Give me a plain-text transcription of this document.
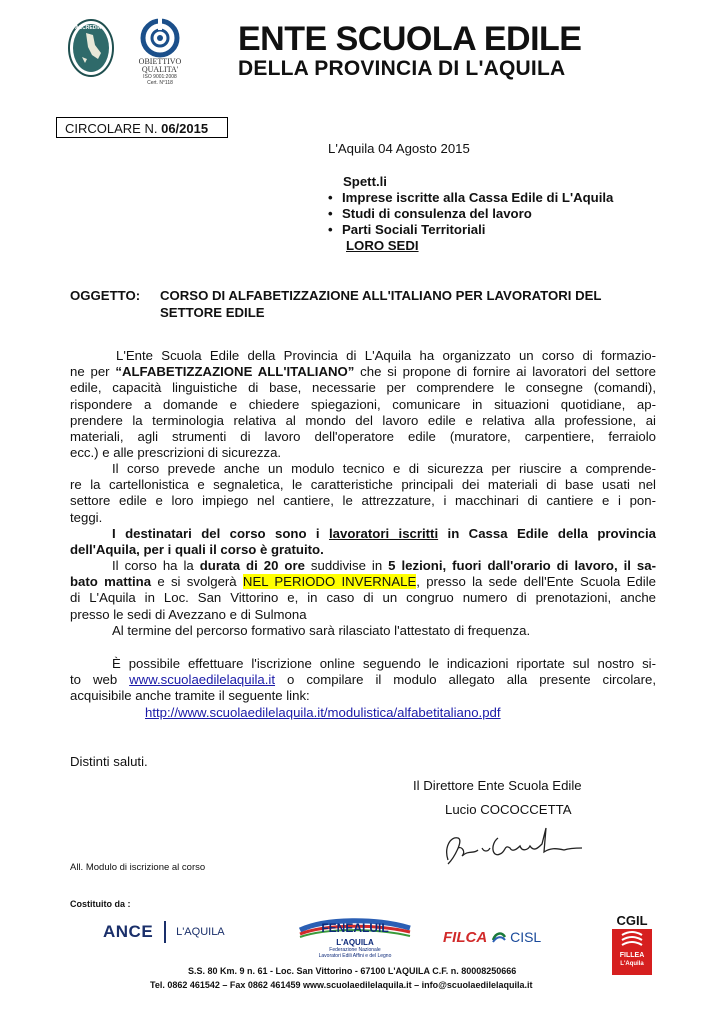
ACCREDIA
OBIETTIVO
QUALITA'
ISO 9001:2008
Cert. N°118
ENTE SCUOLA EDILE
DELLA PROVINCIA DI L'AQUILA
CIRCOLARE N. 06/2015
L'Aquila 04 Agosto 2015
Spett.li
• Imprese iscritte alla Cassa Edile di L'Aquila
• Studi di consulenza del lavoro
• Parti Sociali Territoriali
LORO SEDI
OGGETTO: CORSO DI ALFABETIZZAZIONE ALL'ITALIANO PER LAVORATORI DEL
SETTORE EDILE
L'Ente Scuola Edile della Provincia di L'Aquila ha organizzato un corso di formazio-
ne per “ALFABETIZZAZIONE ALL'ITALIANO” che si propone di fornire ai lavoratori del settore
edile, capacità linguistiche di base, necessarie per comprendere le consegne (comandi),
rispondere a domande e chiedere spiegazioni, comunicare in situazioni quotidiane, ap-
prendere la terminologia relativa al mondo del lavoro edile e relativa alla professione, ai
materiali, agli strumenti di lavoro dell'operatore edile (muratore, carpentiere, ferraiolo
ecc.) e alle prescrizioni di sicurezza.
Il corso prevede anche un modulo tecnico e di sicurezza per riuscire a comprende-
re la cartellonistica e segnaletica, le caratteristiche principali dei materiali di base usati nel
settore edile e loro impiego nel cantiere, le attrezzature, i macchinari di cantiere e i pon-
teggi.
I destinatari del corso sono i lavoratori iscritti in Cassa Edile della provincia
dell'Aquila, per i quali il corso è gratuito.
Il corso ha la durata di 20 ore suddivise in 5 lezioni, fuori dall'orario di lavoro, il sa-
bato mattina e si svolgerà NEL PERIODO INVERNALE, presso la sede dell'Ente Scuola Edile
di L'Aquila in Loc. San Vittorino e, in caso di un congruo numero di prenotazioni, anche
presso le sedi di Avezzano e di Sulmona
Al termine del percorso formativo sarà rilasciato l'attestato di frequenza.
È possibile effettuare l'iscrizione online seguendo le indicazioni riportate sul nostro si-
to web www.scuolaedilelaquila.it o compilare il modulo allegato alla presente circolare,
acquisibile anche tramite il seguente link:
http://www.scuolaedilelaquila.it/modulistica/alfabetitaliano.pdf
Distinti saluti.
Il Direttore Ente Scuola Edile
Lucio COCOCCETTA
All. Modulo di iscrizione al corso
Costituito da :
ANCE L'AQUILA	FENEALUIL
L'AQUILA
Federazione Nazionale
Lavoratori Edili Affini e del Legno
FILCA CISL
CGIL
FILLEA
L'Aquila
S.S. 80 Km. 9 n. 61 - Loc. San Vittorino - 67100 L'AQUILA C.F. n. 80008250666
Tel. 0862 461542 – Fax 0862 461459 www.scuolaedilelaquila.it – info@scuolaedilelaquila.it
